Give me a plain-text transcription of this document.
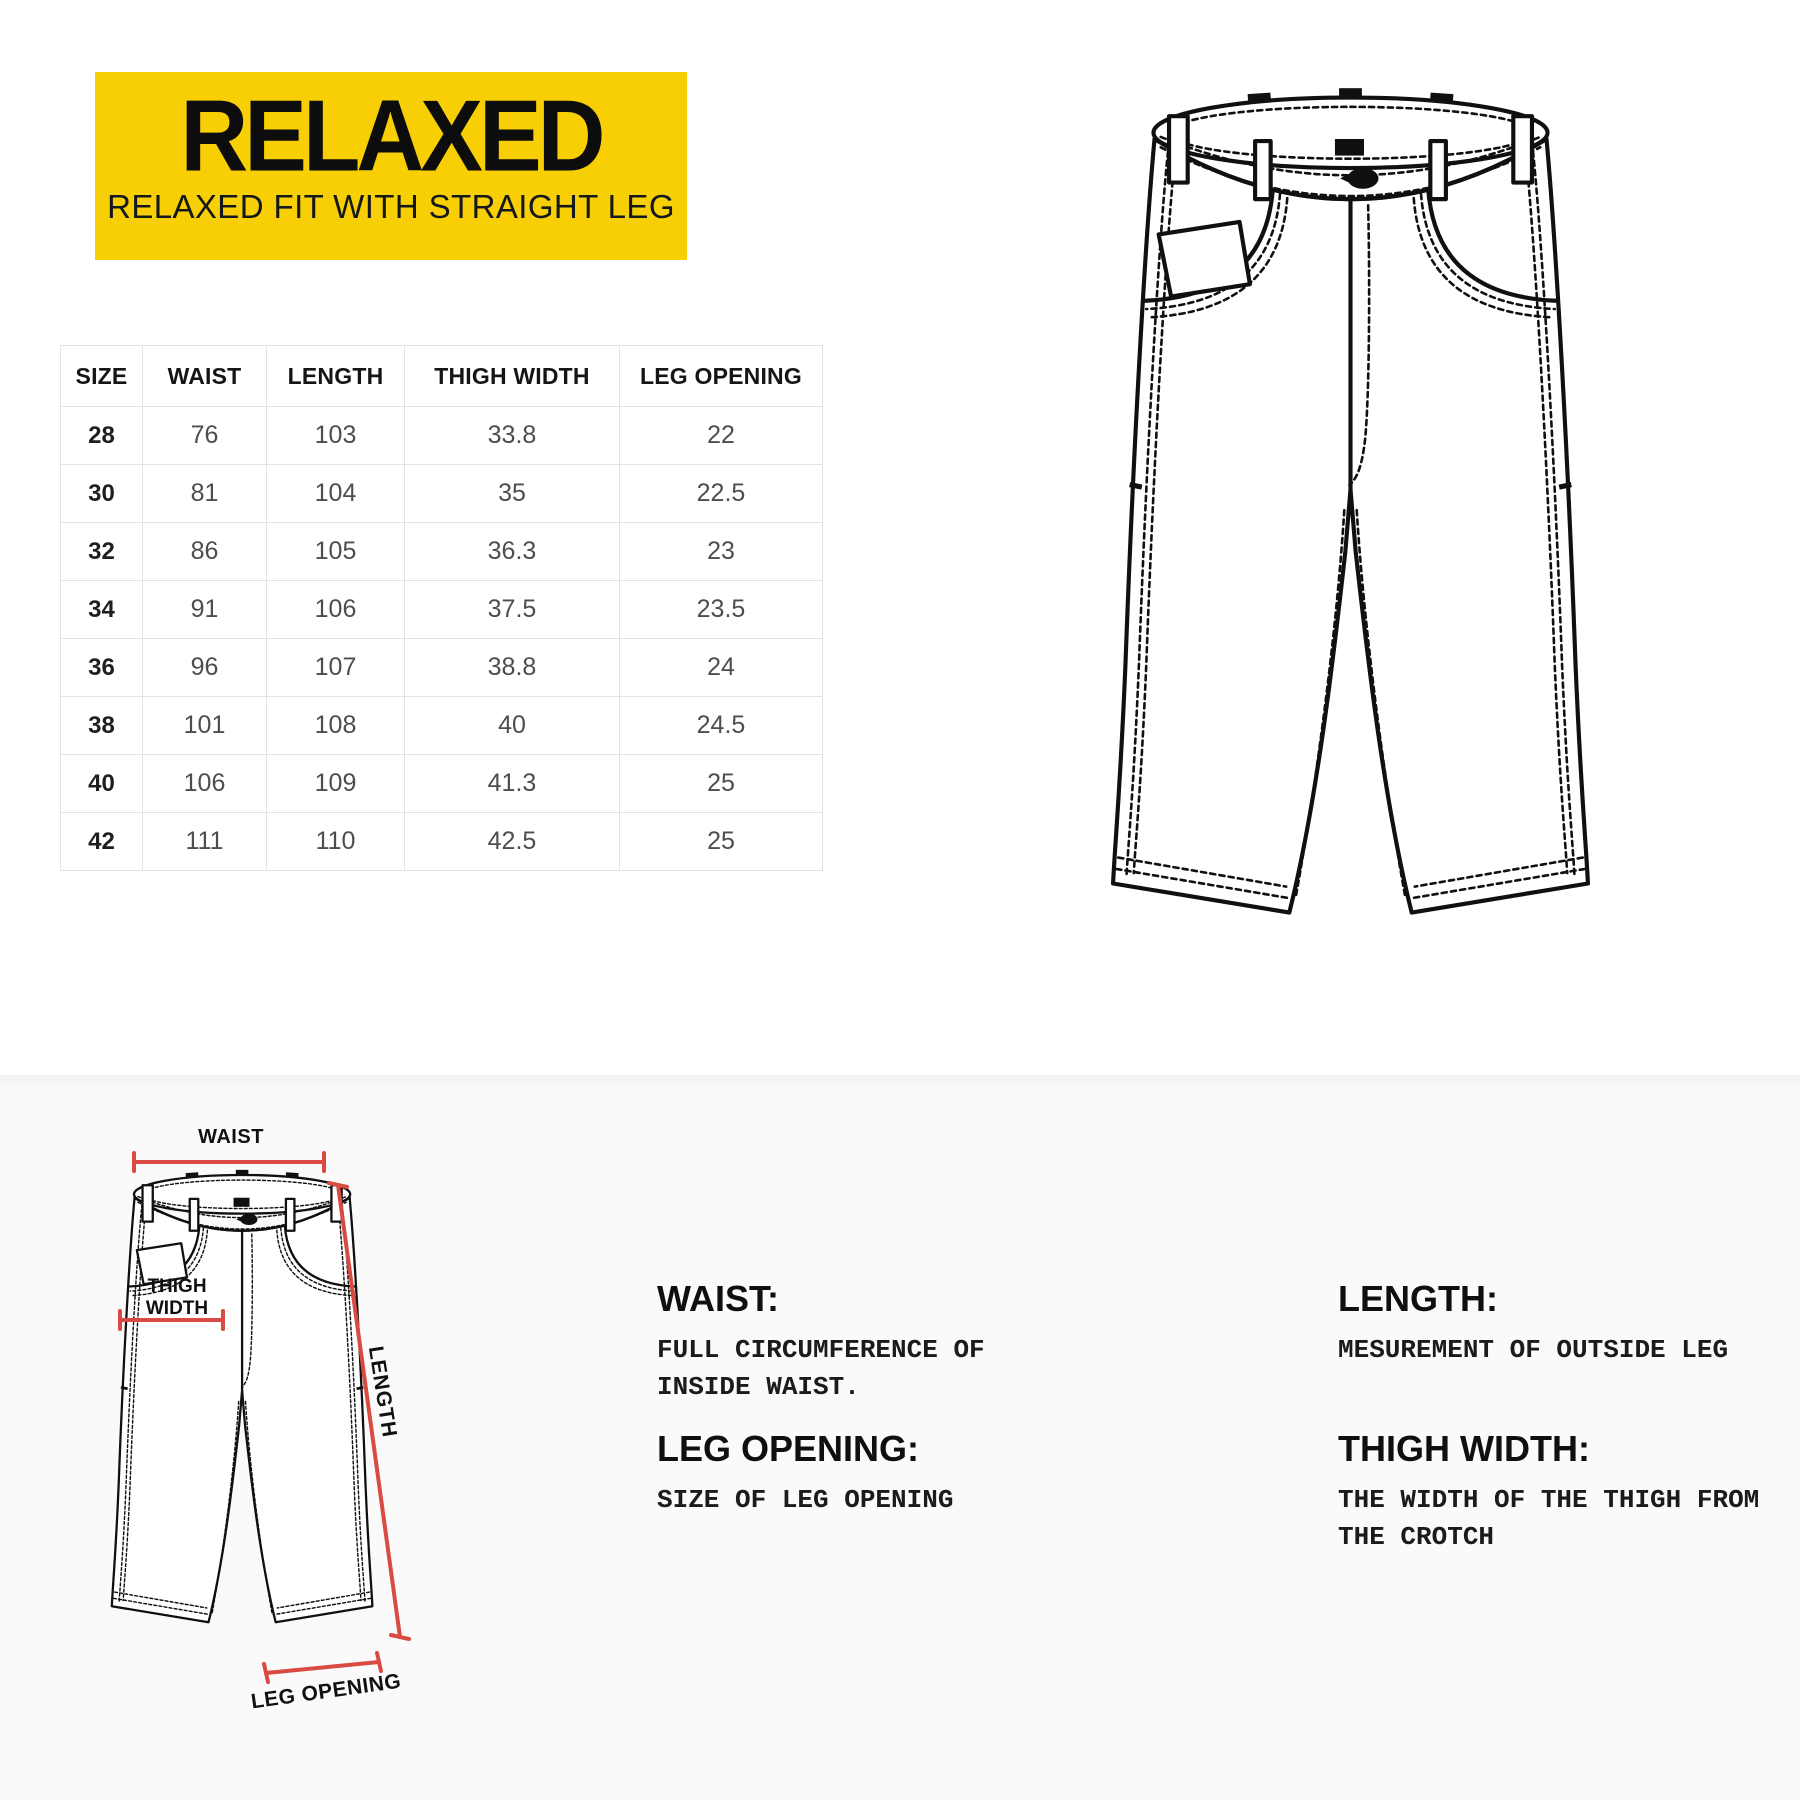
RELAXED
RELAXED FIT WITH STRAIGHT LEG
SIZE	WAIST	LENGTH	THIGH WIDTH	LEG OPENING
28	76	103	33.8	22
30	81	104	35	22.5
32	86	105	36.3	23
34	91	106	37.5	23.5
36	96	107	38.8	24
38	101	108	40	24.5
40	106	109	41.3	25
42	111	110	42.5	25
WAIST
THIGH
WIDTH
LENGTH
LEG OPENING
WAIST:

FULL CIRCUMFERENCE OF INSIDE WAIST.

LEG OPENING:

SIZE OF LEG OPENING

LENGTH:

MESUREMENT OF OUTSIDE LEG

THIGH WIDTH:

THE WIDTH OF THE THIGH FROM THE CROTCH
